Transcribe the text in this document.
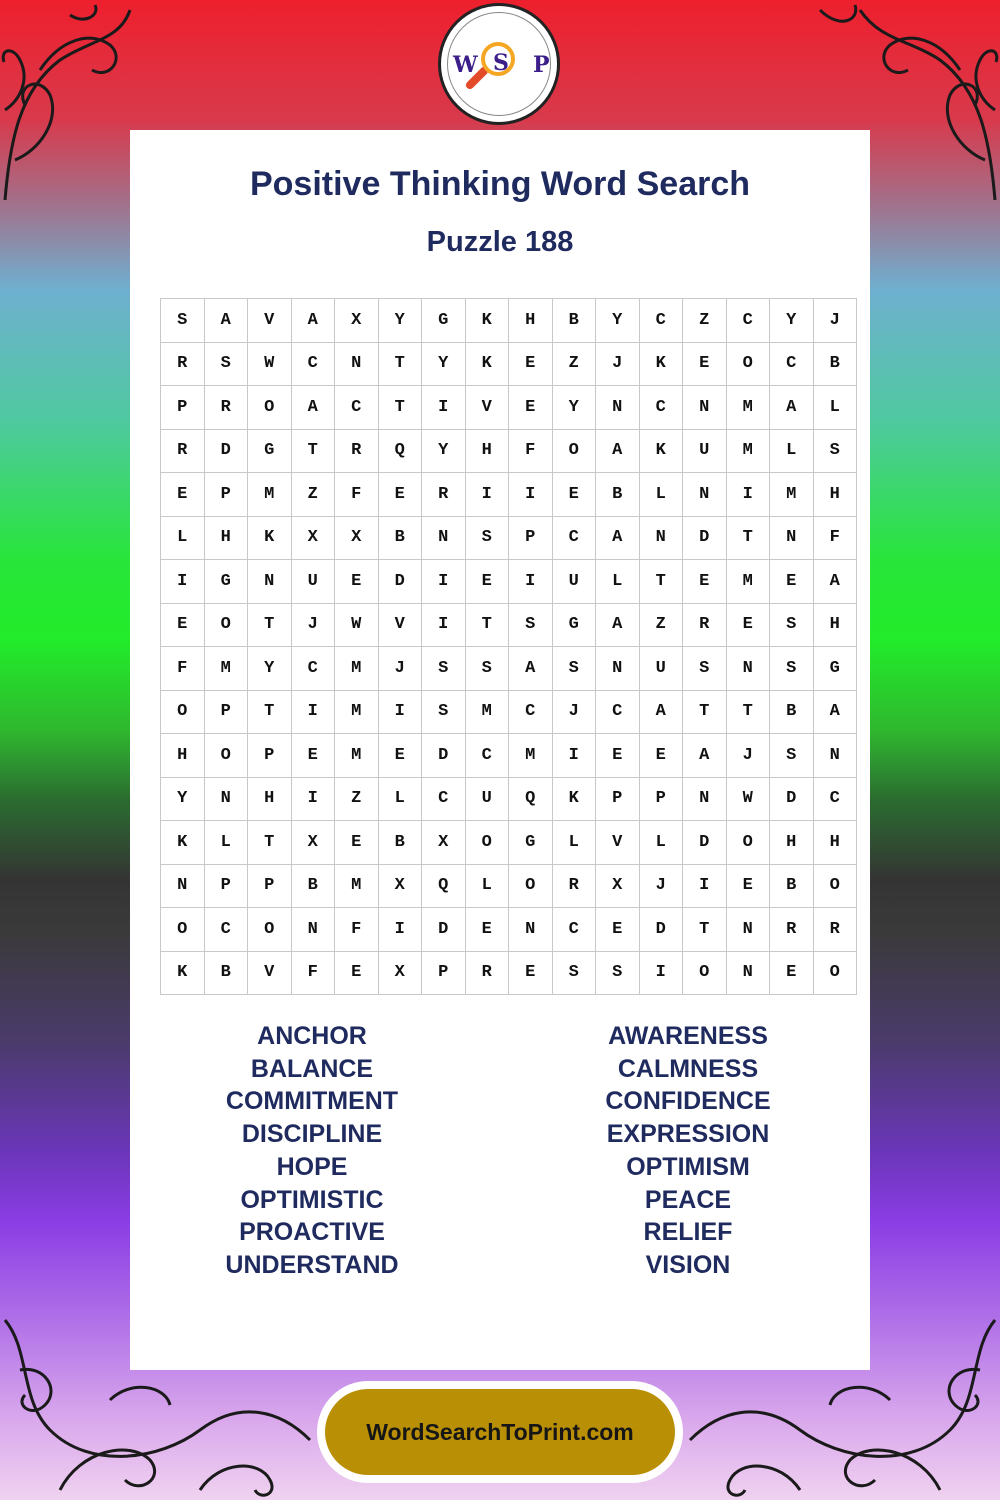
Positive Thinking Word Search
Puzzle 188
S	A	V	A	X	Y	G	K	H	B	Y	C	Z	C	Y	J
R	S	W	C	N	T	Y	K	E	Z	J	K	E	O	C	B
P	R	O	A	C	T	I	V	E	Y	N	C	N	M	A	L
R	D	G	T	R	Q	Y	H	F	O	A	K	U	M	L	S
E	P	M	Z	F	E	R	I	I	E	B	L	N	I	M	H
L	H	K	X	X	B	N	S	P	C	A	N	D	T	N	F
I	G	N	U	E	D	I	E	I	U	L	T	E	M	E	A
E	O	T	J	W	V	I	T	S	G	A	Z	R	E	S	H
F	M	Y	C	M	J	S	S	A	S	N	U	S	N	S	G
O	P	T	I	M	I	S	M	C	J	C	A	T	T	B	A
H	O	P	E	M	E	D	C	M	I	E	E	A	J	S	N
Y	N	H	I	Z	L	C	U	Q	K	P	P	N	W	D	C
K	L	T	X	E	B	X	O	G	L	V	L	D	O	H	H
N	P	P	B	M	X	Q	L	O	R	X	J	I	E	B	O
O	C	O	N	F	I	D	E	N	C	E	D	T	N	R	R
K	B	V	F	E	X	P	R	E	S	S	I	O	N	E	O
ANCHOR
BALANCE
COMMITMENT
DISCIPLINE
HOPE
OPTIMISTIC
PROACTIVE
UNDERSTAND
AWARENESS
CALMNESS
CONFIDENCE
EXPRESSION
OPTIMISM
PEACE
RELIEF
VISION
W S P
WordSearchToPrint.com
